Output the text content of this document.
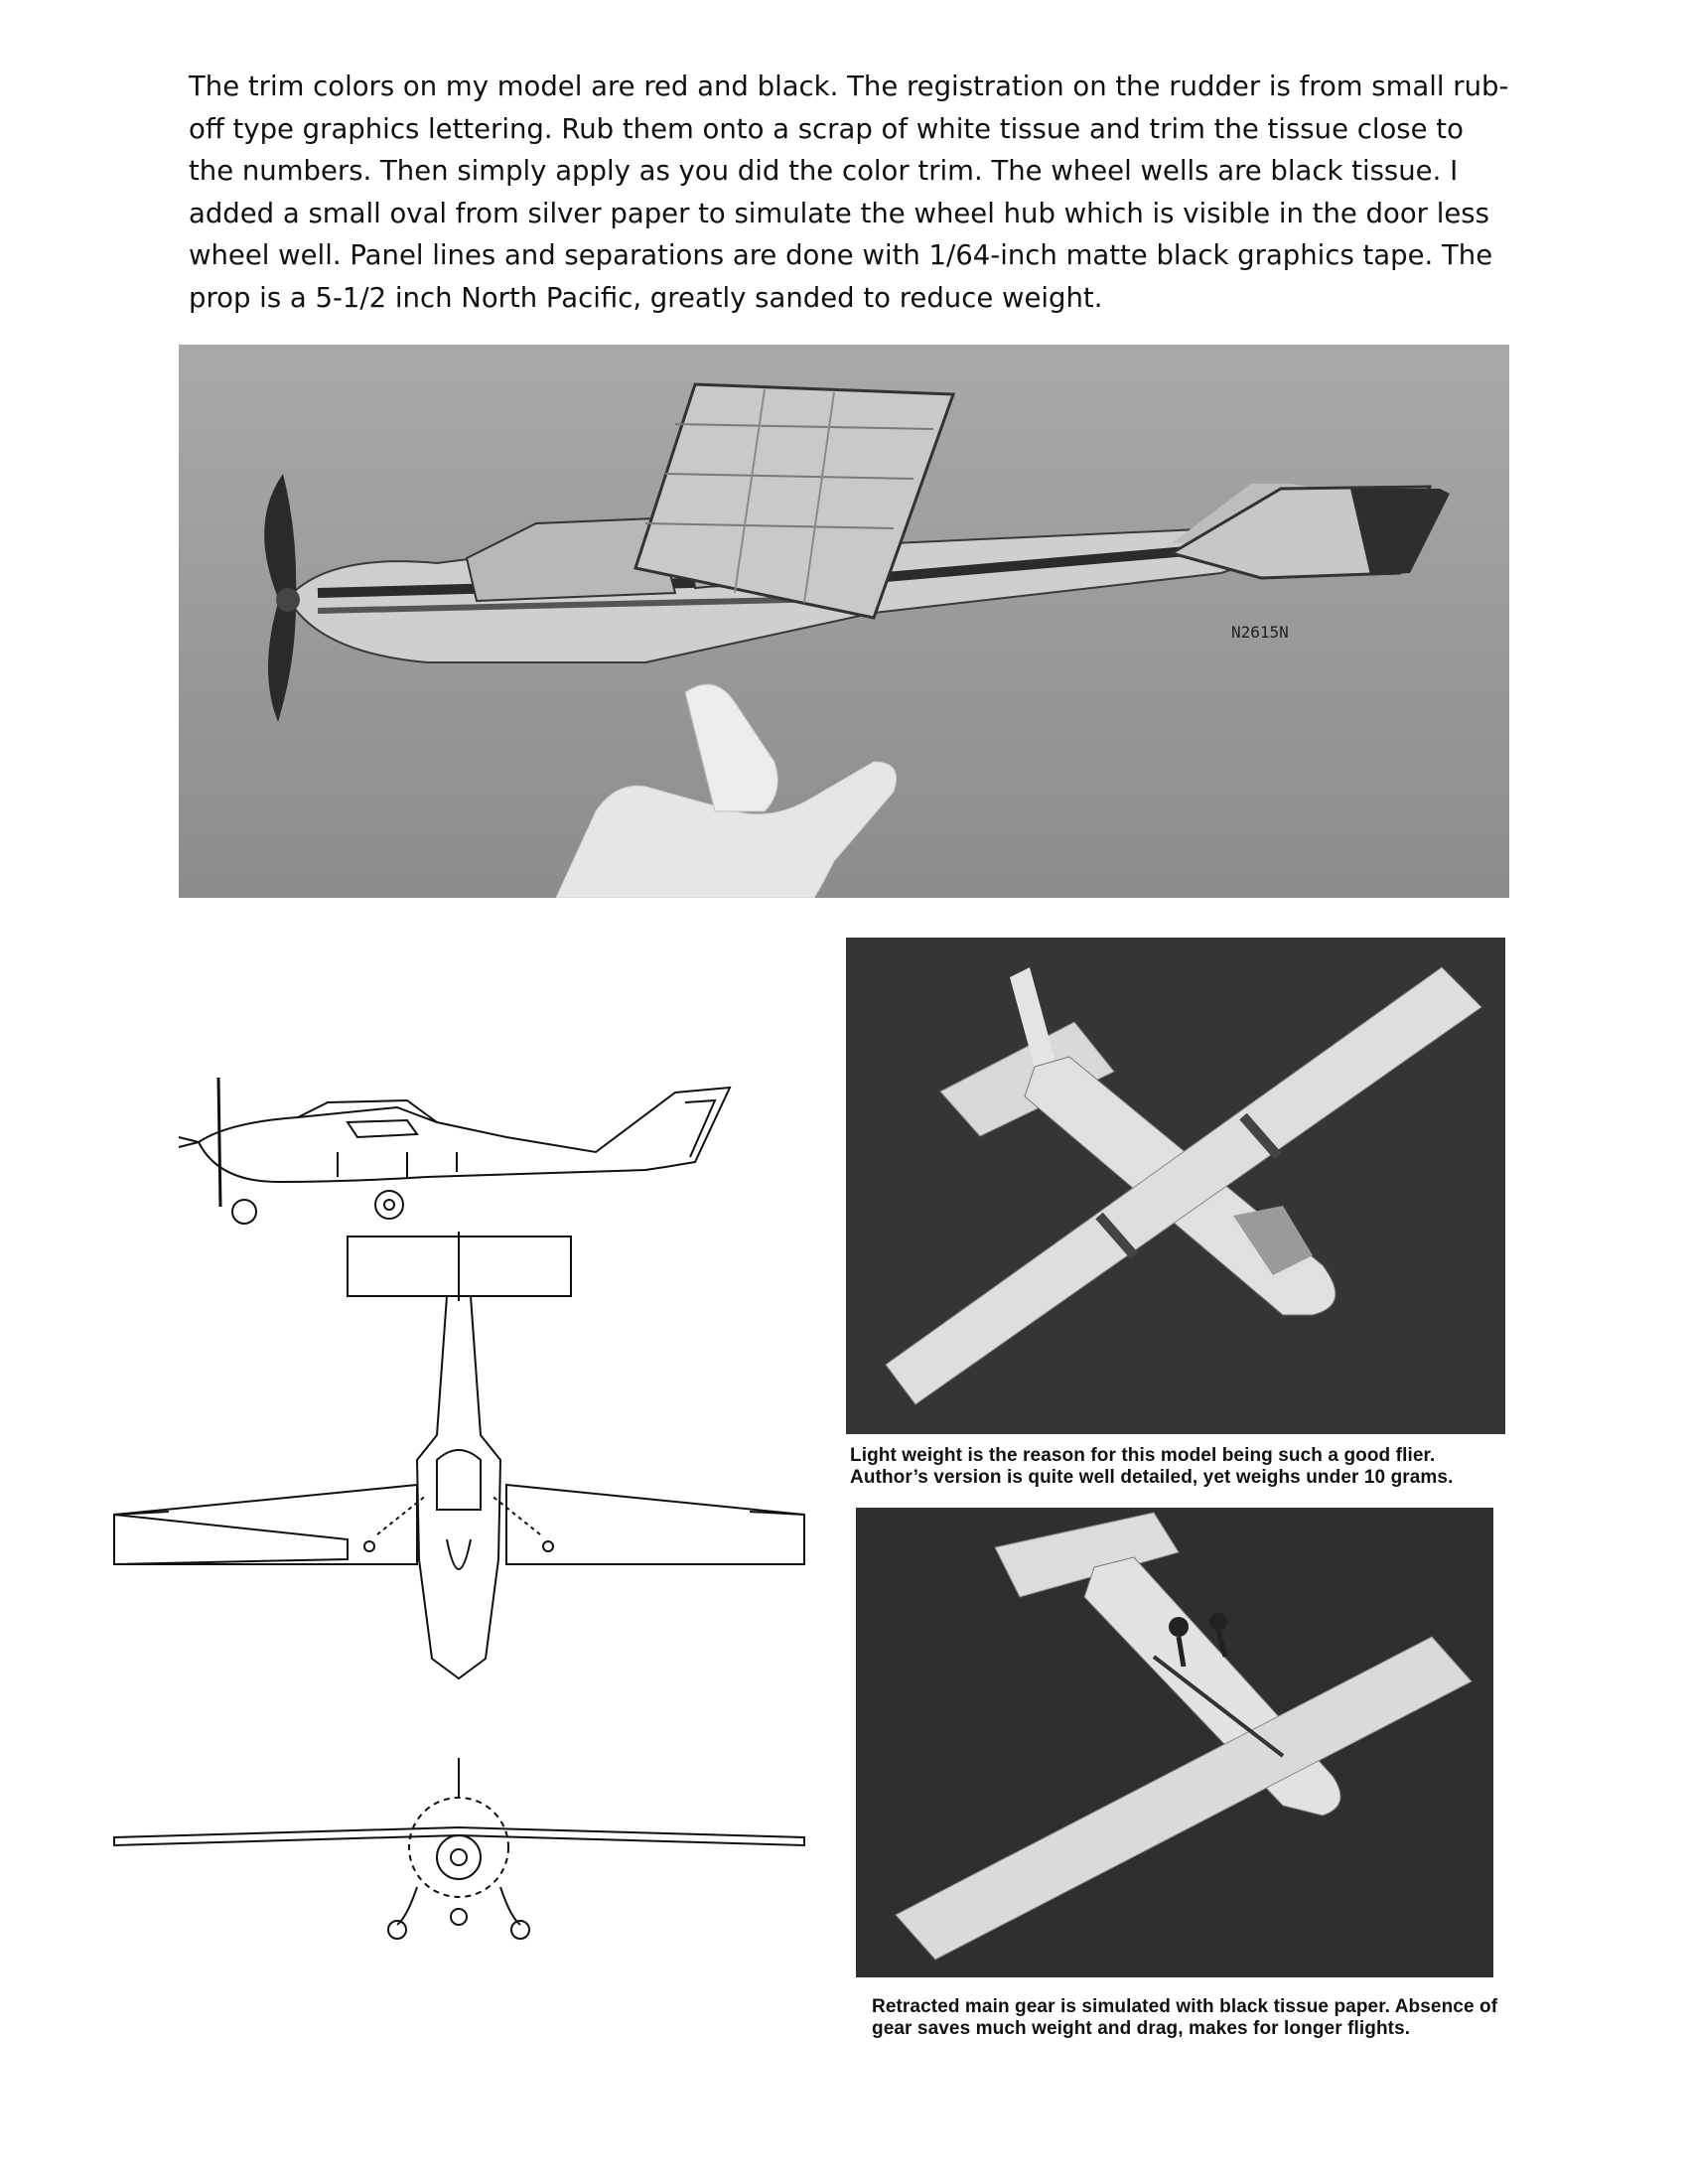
The trim colors on my model are red and black. The registration on the rudder is from small rub-off type graphics lettering. Rub them onto a scrap of white tissue and trim the tissue close to the numbers. Then simply apply as you did the color trim. The wheel wells are black tissue. I added a small oval from silver paper to simulate the wheel hub which is visible in the door less wheel well. Panel lines and separations are done with 1/64-inch matte black graphics tape. The prop is a 5-1/2 inch North Pacific, greatly sanded to reduce weight.

N2615N

Light weight is the reason for this model being such a good flier.
Author’s version is quite well detailed, yet weighs under 10 grams.

Retracted main gear is simulated with black tissue paper. Absence of
gear saves much weight and drag, makes for longer flights.
